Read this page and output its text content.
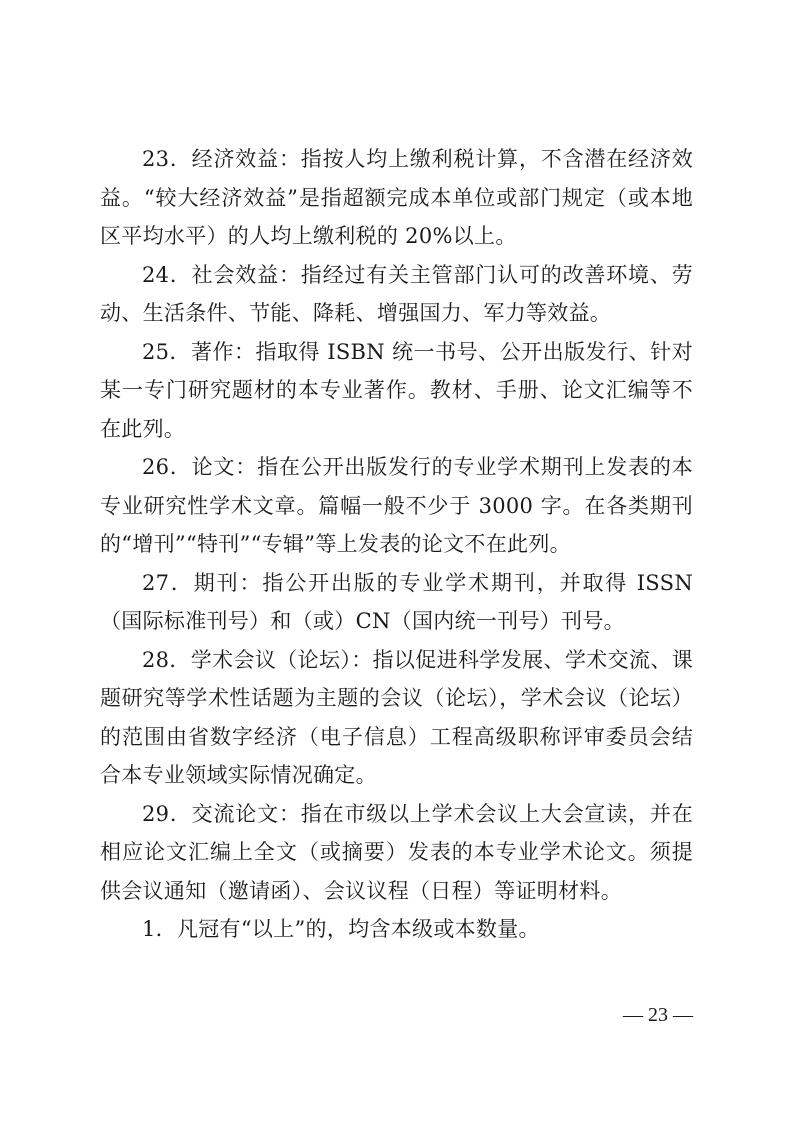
23．经济效益：指按人均上缴利税计算，不含潜在经济效益。“较大经济效益”是指超额完成本单位或部门规定（或本地区平均水平）的人均上缴利税的 20%以上。

24．社会效益：指经过有关主管部门认可的改善环境、劳动、生活条件、节能、降耗、增强国力、军力等效益。

25．著作：指取得 ISBN 统一书号、公开出版发行、针对某一专门研究题材的本专业著作。教材、手册、论文汇编等不在此列。

26．论文：指在公开出版发行的专业学术期刊上发表的本专业研究性学术文章。篇幅一般不少于 3000 字。在各类期刊的“增刊”“特刊”“专辑”等上发表的论文不在此列。

27．期刊：指公开出版的专业学术期刊，并取得 ISSN（国际标准刊号）和（或）CN（国内统一刊号）刊号。

28．学术会议（论坛）：指以促进科学发展、学术交流、课题研究等学术性话题为主题的会议（论坛），学术会议（论坛）的范围由省数字经济（电子信息）工程高级职称评审委员会结合本专业领域实际情况确定。

29．交流论文：指在市级以上学术会议上大会宣读，并在相应论文汇编上全文（或摘要）发表的本专业学术论文。须提供会议通知（邀请函）、会议议程（日程）等证明材料。

1．凡冠有“以上”的，均含本级或本数量。

— 23 —
